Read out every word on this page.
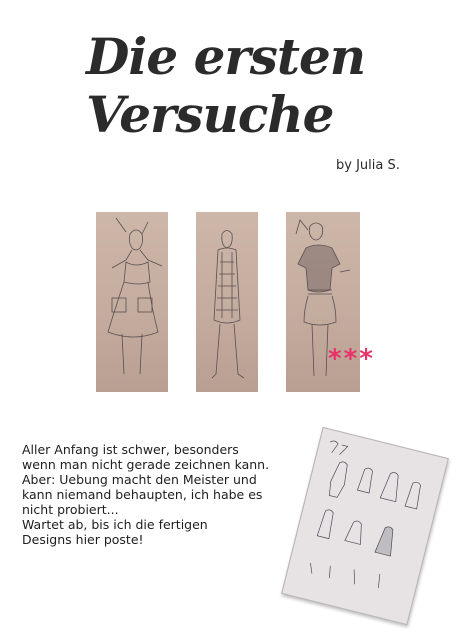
Die ersten
Versuche

by Julia S.

***

Aller Anfang ist schwer, besonders
wenn man nicht gerade zeichnen kann.
Aber: Uebung macht den Meister und
kann niemand behaupten, ich habe es
nicht probiert...
Wartet ab, bis ich die fertigen
Designs hier poste!
